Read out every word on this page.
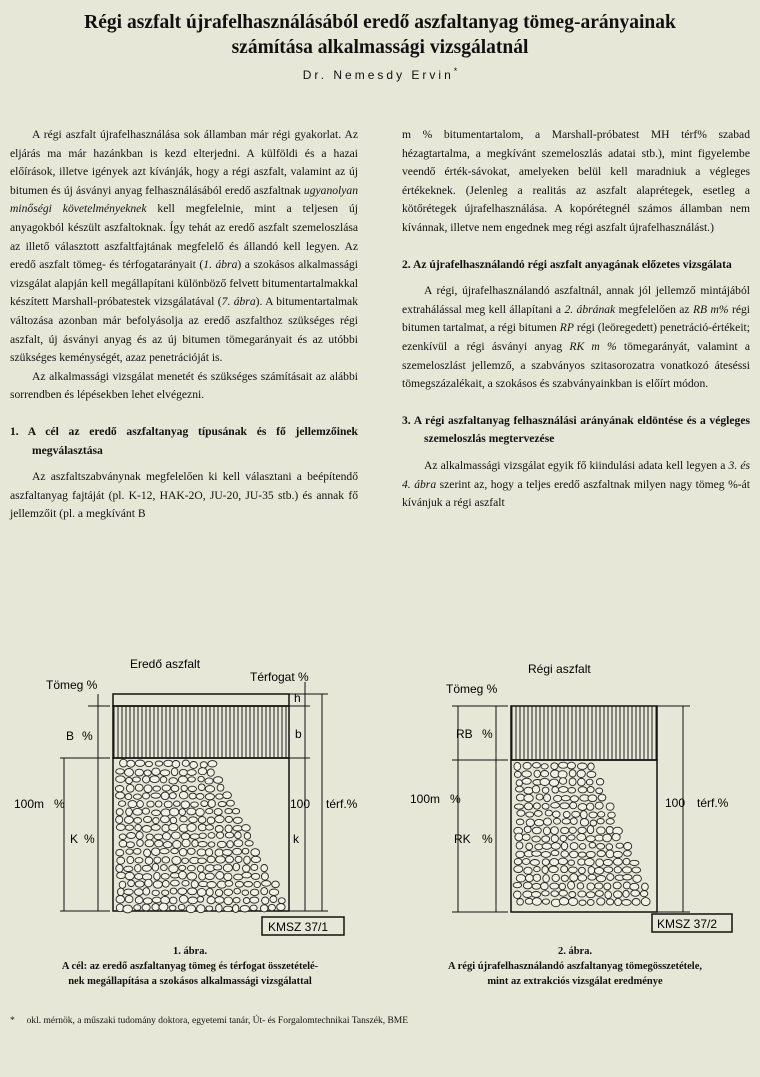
Régi aszfalt újrafelhasználásából eredő aszfaltanyag tömeg-arányainak
számítása alkalmassági vizsgálatnál
Dr. Nemesdy Ervin*

A régi aszfalt újrafelhasználása sok államban már régi gyakorlat. Az eljárás ma már hazánkban is kezd elterjedni. A külföldi és a hazai előírások, illetve igények azt kívánják, hogy a régi aszfalt, valamint az új bitumen és új ásványi anyag felhasználásából eredő aszfaltnak ugyanolyan minőségi követelményeknek kell megfelelnie, mint a teljesen új anyagokból készült aszfaltoknak. Így tehát az eredő aszfalt szemeloszlása az illető választott aszfaltfajtának megfelelő és állandó kell legyen. Az eredő aszfalt tömeg- és térfogatarányait (1. ábra) a szokásos alkalmassági vizsgálat alapján kell megállapítani különböző felvett bitumentartalmakkal készített Marshall-próbatestek vizsgálatával (7. ábra). A bitumentartalmak változása azonban már befolyásolja az eredő aszfalthoz szükséges régi aszfalt, új ásványi anyag és az új bitumen tömegarányait és az utóbbi szükséges keménységét, azaz penetrációját is.

Az alkalmassági vizsgálat menetét és szükséges számításait az alábbi sorrendben és lépésekben lehet elvégezni.

1. A cél az eredő aszfaltanyag típusának és fő jellemzőinek megválasztása

Az aszfaltszabványnak megfelelően ki kell választani a beépítendő aszfaltanyag fajtáját (pl. K-12, HAK-2O, JU-20, JU-35 stb.) és annak fő jellemzőit (pl. a megkívánt B

m % bitumentartalom, a Marshall-próbatest MH térf% szabad hézagtartalma, a megkívánt szemeloszlás adatai stb.), mint figyelembe veendő érték-sávokat, amelyeken belül kell maradniuk a végleges értékeknek. (Jelenleg a realitás az aszfalt alaprétegek, esetleg a kötőrétegek újrafelhasználása. A kopórétegnél számos államban nem kívánnak, illetve nem engednek meg régi aszfalt újrafelhasználást.)

2. Az újrafelhasználandó régi aszfalt anyagának előzetes vizsgálata

A régi, újrafelhasználandó aszfaltnál, annak jól jellemző mintájából extrahálással meg kell állapítani a 2. ábrának megfelelően az RB m% régi bitumen tartalmat, a régi bitumen RP régi (leöregedett) penetráció-értékeit; ezenkívül a régi ásványi anyag RK m % tömegarányát, valamint a szemeloszlást jellemző, a szabványos szitasorozatra vonatkozó áteséssi tömegszázalékait, a szokásos és szabványainkban is előírt módon.

3. A régi aszfaltanyag felhasználási arányának eldöntése és a végleges szemeloszlás megtervezése

Az alkalmassági vizsgálat egyik fő kiindulási adata kell legyen a 3. és 4. ábra szerint az, hogy a teljes eredő aszfaltnak milyen nagy tömeg %-át kívánjuk a régi aszfalt

Eredő aszfalt
Tömeg %
Térfogat %
B %
100m %
K %
h
b
100 térf.%
k
KMSZ 37/1
1. ábra.
A cél: az eredő aszfaltanyag tömeg és térfogat összetételé-
nek megállapítása a szokásos alkalmassági vizsgálattal
Régi aszfalt
Tömeg %
RB %
100m %
RK %
100 térf.%
KMSZ 37/2
2. ábra.
A régi újrafelhasználandó aszfaltanyag tömegösszetétele,
mint az extrakciós vizsgálat eredménye
* okl. mérnök, a műszaki tudomány doktora, egyetemi tanár, Út- és Forgalomtechnikai Tanszék, BME
